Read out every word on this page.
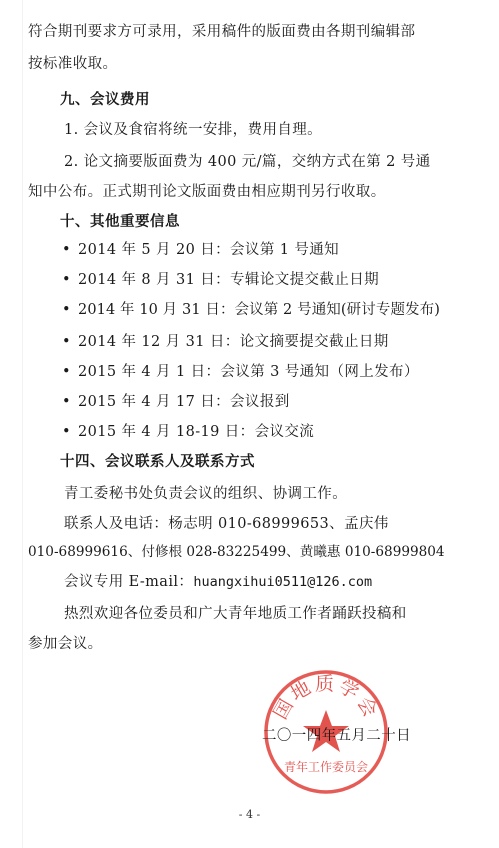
符合期刊要求方可录用，采用稿件的版面费由各期刊编辑部
按标准收取。
九、会议费用
1. 会议及食宿将统一安排，费用自理。
2. 论文摘要版面费为 400 元/篇，交纳方式在第 2 号通
知中公布。正式期刊论文版面费由相应期刊另行收取。
十、其他重要信息
• 2014 年 5 月 20 日：会议第 1 号通知
• 2014 年 8 月 31 日：专辑论文提交截止日期
• 2014 年 10 月 31 日：会议第 2 号通知(研讨专题发布)
• 2014 年 12 月 31 日：论文摘要提交截止日期
• 2015 年 4 月 1 日：会议第 3 号通知（网上发布）
• 2015 年 4 月 17 日：会议报到
• 2015 年 4 月 18-19 日：会议交流
十四、会议联系人及联系方式
青工委秘书处负责会议的组织、协调工作。
联系人及电话：杨志明 010-68999653、孟庆伟
010-68999616、付修根 028-83225499、黄曦惠 010-68999804
会议专用 E-mail：huangxihui0511@126.com
热烈欢迎各位委员和广大青年地质工作者踊跃投稿和
参加会议。
国地质学会
青年工作委员会
二〇一四年五月二十日
- 4 -
